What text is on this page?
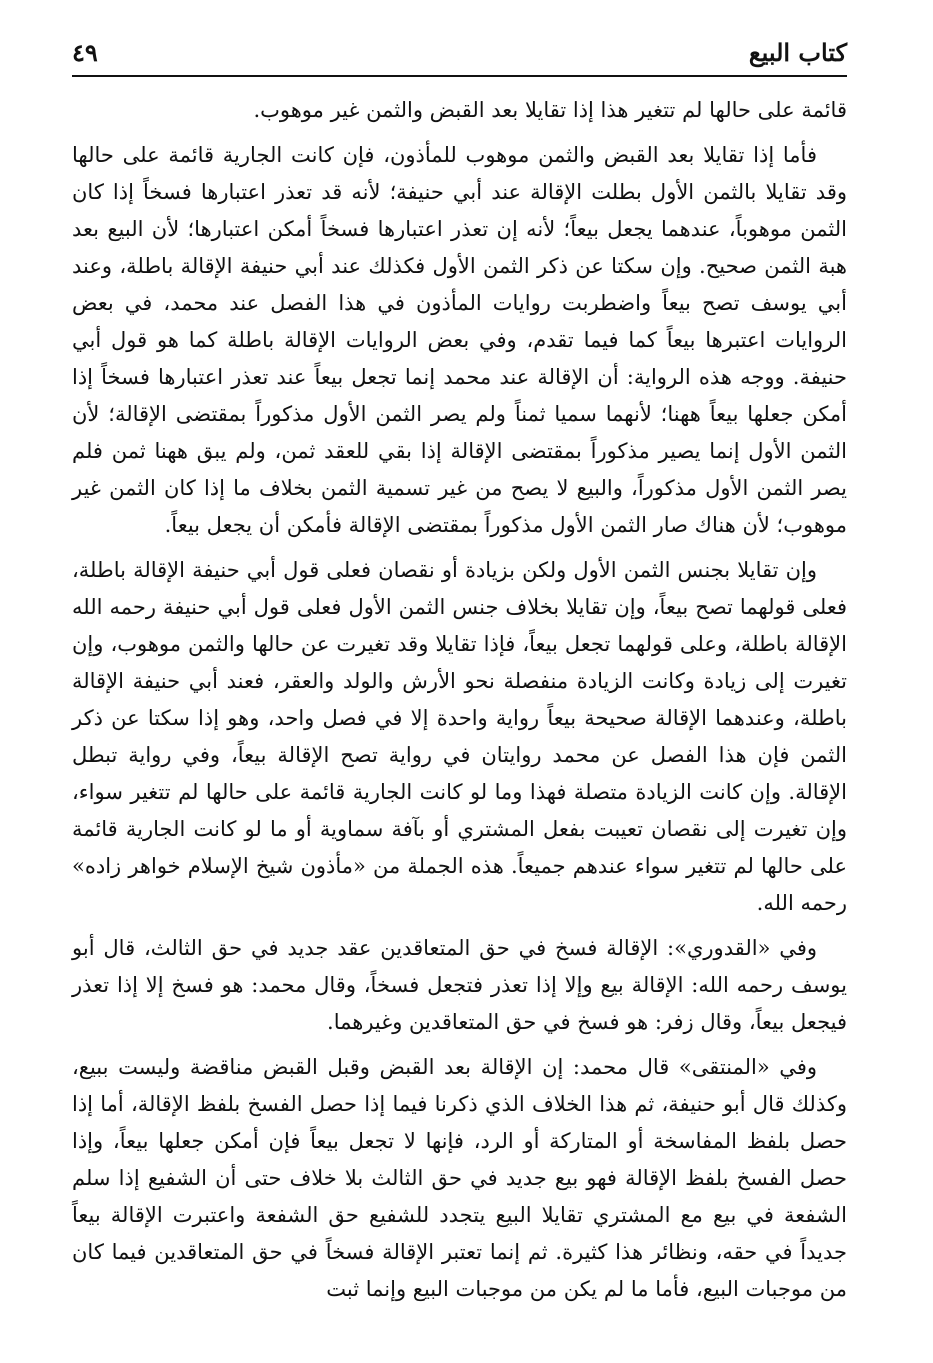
كتاب البيع
٤٩

قائمة على حالها لم تتغير هذا إذا تقايلا بعد القبض والثمن غير موهوب.

فأما إذا تقايلا بعد القبض والثمن موهوب للمأذون، فإن كانت الجارية قائمة على حالها وقد تقايلا بالثمن الأول بطلت الإقالة عند أبي حنيفة؛ لأنه قد تعذر اعتبارها فسخاً إذا كان الثمن موهوباً، عندهما يجعل بيعاً؛ لأنه إن تعذر اعتبارها فسخاً أمكن اعتبارها؛ لأن البيع بعد هبة الثمن صحيح. وإن سكتا عن ذكر الثمن الأول فكذلك عند أبي حنيفة الإقالة باطلة، وعند أبي يوسف تصح بيعاً واضطربت روايات المأذون في هذا الفصل عند محمد، في بعض الروايات اعتبرها بيعاً كما فيما تقدم، وفي بعض الروايات الإقالة باطلة كما هو قول أبي حنيفة. ووجه هذه الرواية: أن الإقالة عند محمد إنما تجعل بيعاً عند تعذر اعتبارها فسخاً إذا أمكن جعلها بيعاً ههنا؛ لأنهما سميا ثمناً ولم يصر الثمن الأول مذكوراً بمقتضى الإقالة؛ لأن الثمن الأول إنما يصير مذكوراً بمقتضى الإقالة إذا بقي للعقد ثمن، ولم يبق ههنا ثمن فلم يصر الثمن الأول مذكوراً، والبيع لا يصح من غير تسمية الثمن بخلاف ما إذا كان الثمن غير موهوب؛ لأن هناك صار الثمن الأول مذكوراً بمقتضى الإقالة فأمكن أن يجعل بيعاً.

وإن تقايلا بجنس الثمن الأول ولكن بزيادة أو نقصان فعلى قول أبي حنيفة الإقالة باطلة، فعلى قولهما تصح بيعاً، وإن تقايلا بخلاف جنس الثمن الأول فعلى قول أبي حنيفة رحمه الله الإقالة باطلة، وعلى قولهما تجعل بيعاً، فإذا تقايلا وقد تغيرت عن حالها والثمن موهوب، وإن تغيرت إلى زيادة وكانت الزيادة منفصلة نحو الأرش والولد والعقر، فعند أبي حنيفة الإقالة باطلة، وعندهما الإقالة صحيحة بيعاً رواية واحدة إلا في فصل واحد، وهو إذا سكتا عن ذكر الثمن فإن هذا الفصل عن محمد روايتان في رواية تصح الإقالة بيعاً، وفي رواية تبطل الإقالة. وإن كانت الزيادة متصلة فهذا وما لو كانت الجارية قائمة على حالها لم تتغير سواء، وإن تغيرت إلى نقصان تعيبت بفعل المشتري أو بآفة سماوية أو ما لو كانت الجارية قائمة على حالها لم تتغير سواء عندهم جميعاً. هذه الجملة من «مأذون شيخ الإسلام خواهر زاده» رحمه الله.

وفي «القدوري»: الإقالة فسخ في حق المتعاقدين عقد جديد في حق الثالث، قال أبو يوسف رحمه الله: الإقالة بيع وإلا إذا تعذر فتجعل فسخاً، وقال محمد: هو فسخ إلا إذا تعذر فيجعل بيعاً، وقال زفر: هو فسخ في حق المتعاقدين وغيرهما.

وفي «المنتقى» قال محمد: إن الإقالة بعد القبض وقبل القبض مناقضة وليست ببيع، وكذلك قال أبو حنيفة، ثم هذا الخلاف الذي ذكرنا فيما إذا حصل الفسخ بلفظ الإقالة، أما إذا حصل بلفظ المفاسخة أو المتاركة أو الرد، فإنها لا تجعل بيعاً فإن أمكن جعلها بيعاً، وإذا حصل الفسخ بلفظ الإقالة فهو بيع جديد في حق الثالث بلا خلاف حتى أن الشفيع إذا سلم الشفعة في بيع مع المشتري تقايلا البيع يتجدد للشفيع حق الشفعة واعتبرت الإقالة بيعاً جديداً في حقه، ونظائر هذا كثيرة. ثم إنما تعتبر الإقالة فسخاً في حق المتعاقدين فيما كان من موجبات البيع، فأما ما لم يكن من موجبات البيع وإنما ثبت
